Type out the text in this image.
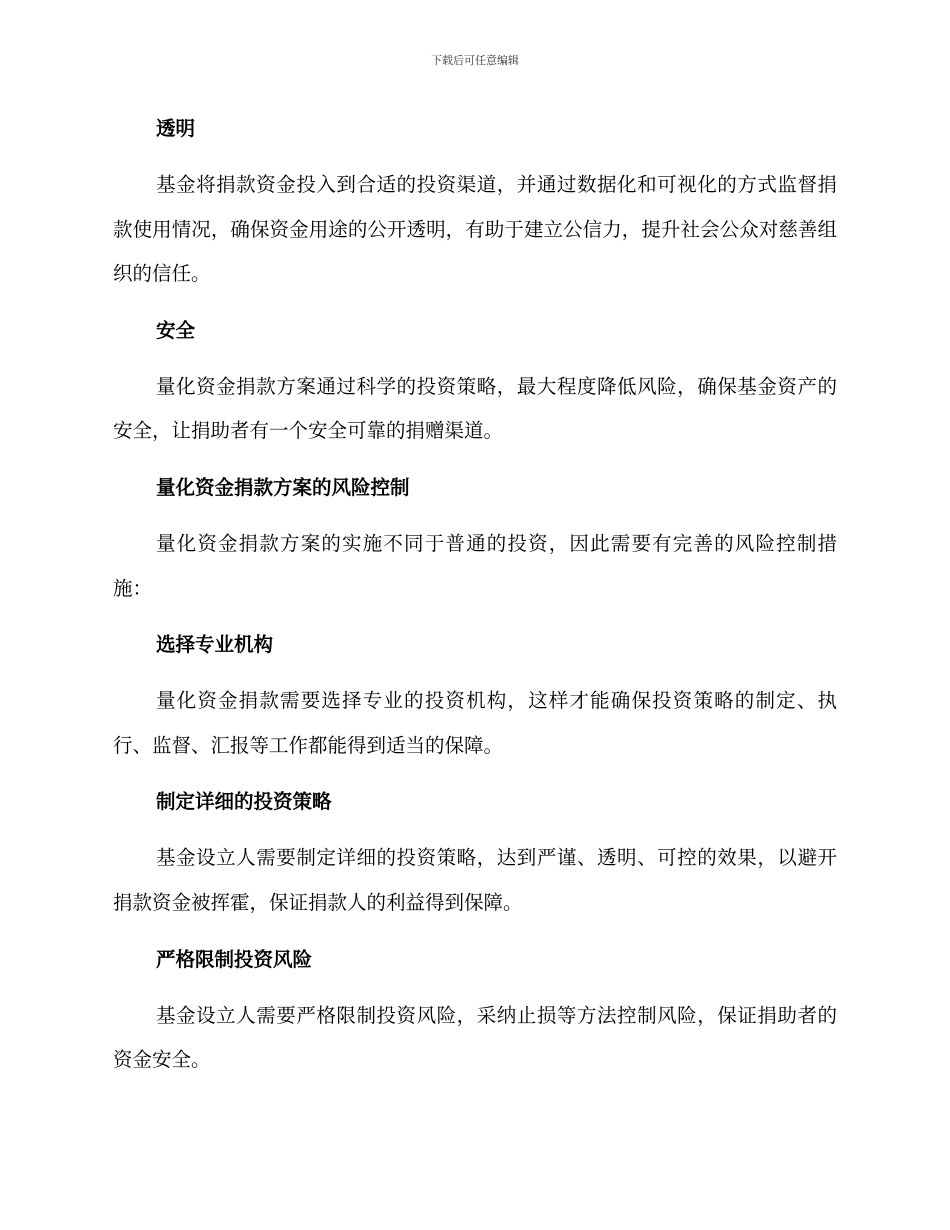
下载后可任意编辑
透明
基金将捐款资金投入到合适的投资渠道，并通过数据化和可视化的方式监督捐款使用情况，确保资金用途的公开透明，有助于建立公信力，提升社会公众对慈善组织的信任。
安全
量化资金捐款方案通过科学的投资策略，最大程度降低风险，确保基金资产的安全，让捐助者有一个安全可靠的捐赠渠道。
量化资金捐款方案的风险控制
量化资金捐款方案的实施不同于普通的投资，因此需要有完善的风险控制措施：
选择专业机构
量化资金捐款需要选择专业的投资机构，这样才能确保投资策略的制定、执行、监督、汇报等工作都能得到适当的保障。
制定详细的投资策略
基金设立人需要制定详细的投资策略，达到严谨、透明、可控的效果，以避开捐款资金被挥霍，保证捐款人的利益得到保障。
严格限制投资风险
基金设立人需要严格限制投资风险，采纳止损等方法控制风险，保证捐助者的资金安全。
